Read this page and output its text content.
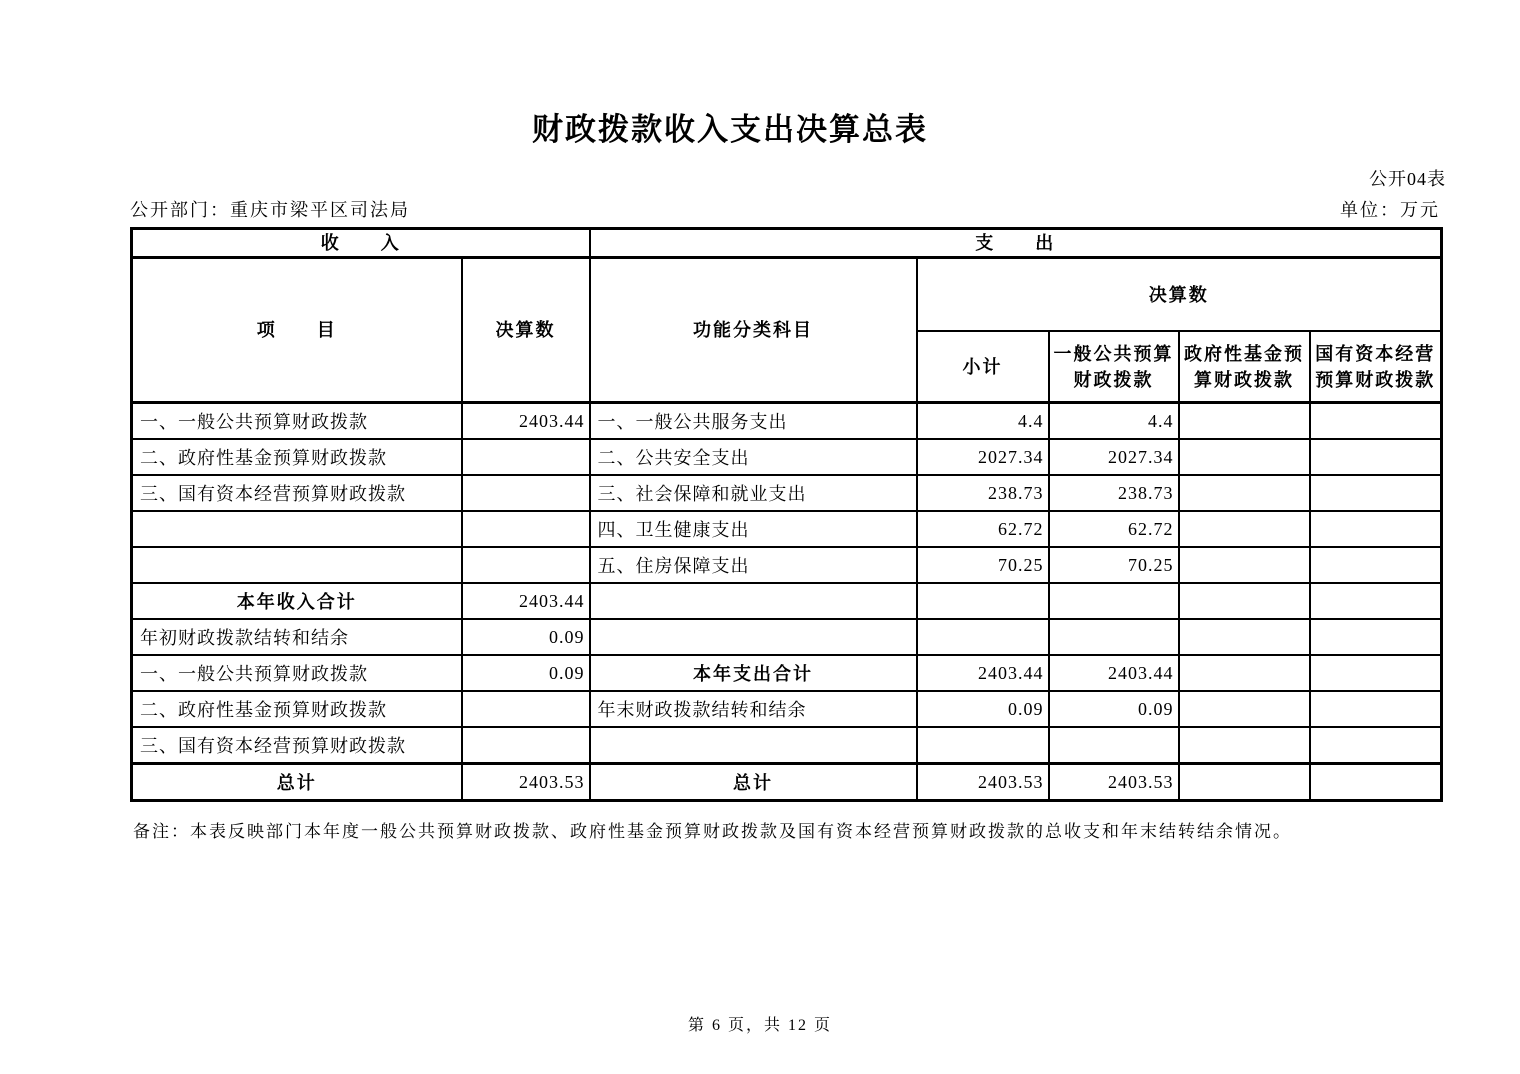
财政拨款收入支出决算总表
公开04表
公开部门：重庆市梁平区司法局	单位：万元
收　　入		支　　出				
项　　目	决算数	功能分类科目	决算数			
			小计	一般公共预算财政拨款	政府性基金预算财政拨款	国有资本经营预算财政拨款
一、一般公共预算财政拨款	2403.44	一、一般公共服务支出	4.4	4.4		
二、政府性基金预算财政拨款		二、公共安全支出	2027.34	2027.34		
三、国有资本经营预算财政拨款		三、社会保障和就业支出	238.73	238.73		
		四、卫生健康支出	62.72	62.72		
		五、住房保障支出	70.25	70.25		
本年收入合计	2403.44					
年初财政拨款结转和结余	0.09					
一、一般公共预算财政拨款	0.09	本年支出合计	2403.44	2403.44		
二、政府性基金预算财政拨款		年末财政拨款结转和结余	0.09	0.09		
三、国有资本经营预算财政拨款						
总计	2403.53	总计	2403.53	2403.53		
备注：本表反映部门本年度一般公共预算财政拨款、政府性基金预算财政拨款及国有资本经营预算财政拨款的总收支和年末结转结余情况。
第 6 页，共 12 页
